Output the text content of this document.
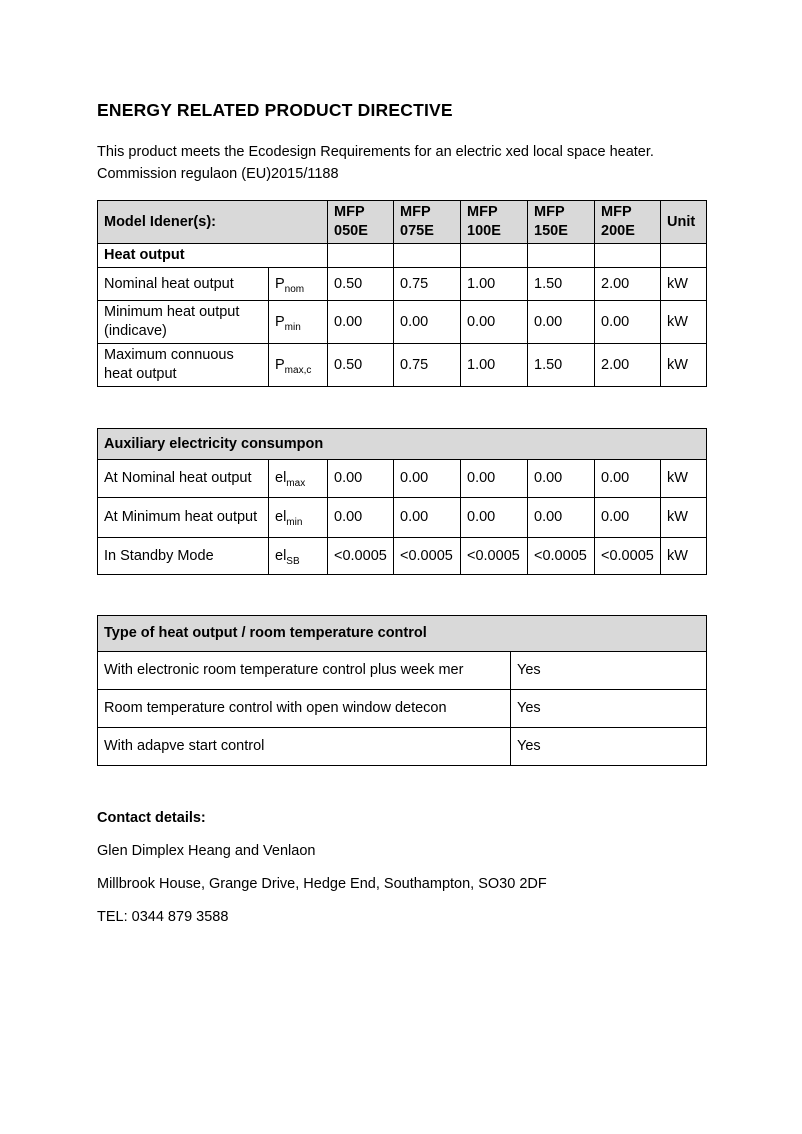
ENERGY RELATED PRODUCT DIRECTIVE

This product meets the Ecodesign Requirements for an electric xed local space heater.
Commission regulaon (EU)2015/1188

Model Idener(s):		MFP 050E	MFP 075E	MFP 100E	MFP 150E	MFP 200E	Unit
Heat output							
Nominal heat output	$P_{nom}$	0.50	0.75	1.00	1.50	2.00	kW
Minimum heat output (indicave)	$P_{min}$	0.00	0.00	0.00	0.00	0.00	kW
Maximum connuous heat output	$P_{max,c}$	0.50	0.75	1.00	1.50	2.00	kW
Auxiliary electricity consumpon							
At Nominal heat output	$el_{max}$	0.00	0.00	0.00	0.00	0.00	kW
At Minimum heat output	$el_{min}$	0.00	0.00	0.00	0.00	0.00	kW
In Standby Mode	$el_{SB}$	<0.0005	<0.0005	<0.0005	<0.0005	<0.0005	kW
Type of heat output / room temperature control	
With electronic room temperature control plus week mer	Yes
Room temperature control with open window detecon	Yes
With adapve start control	Yes

Contact details:

Glen Dimplex Heang and Venlaon

Millbrook House, Grange Drive, Hedge End, Southampton, SO30 2DF

TEL: 0344 879 3588
